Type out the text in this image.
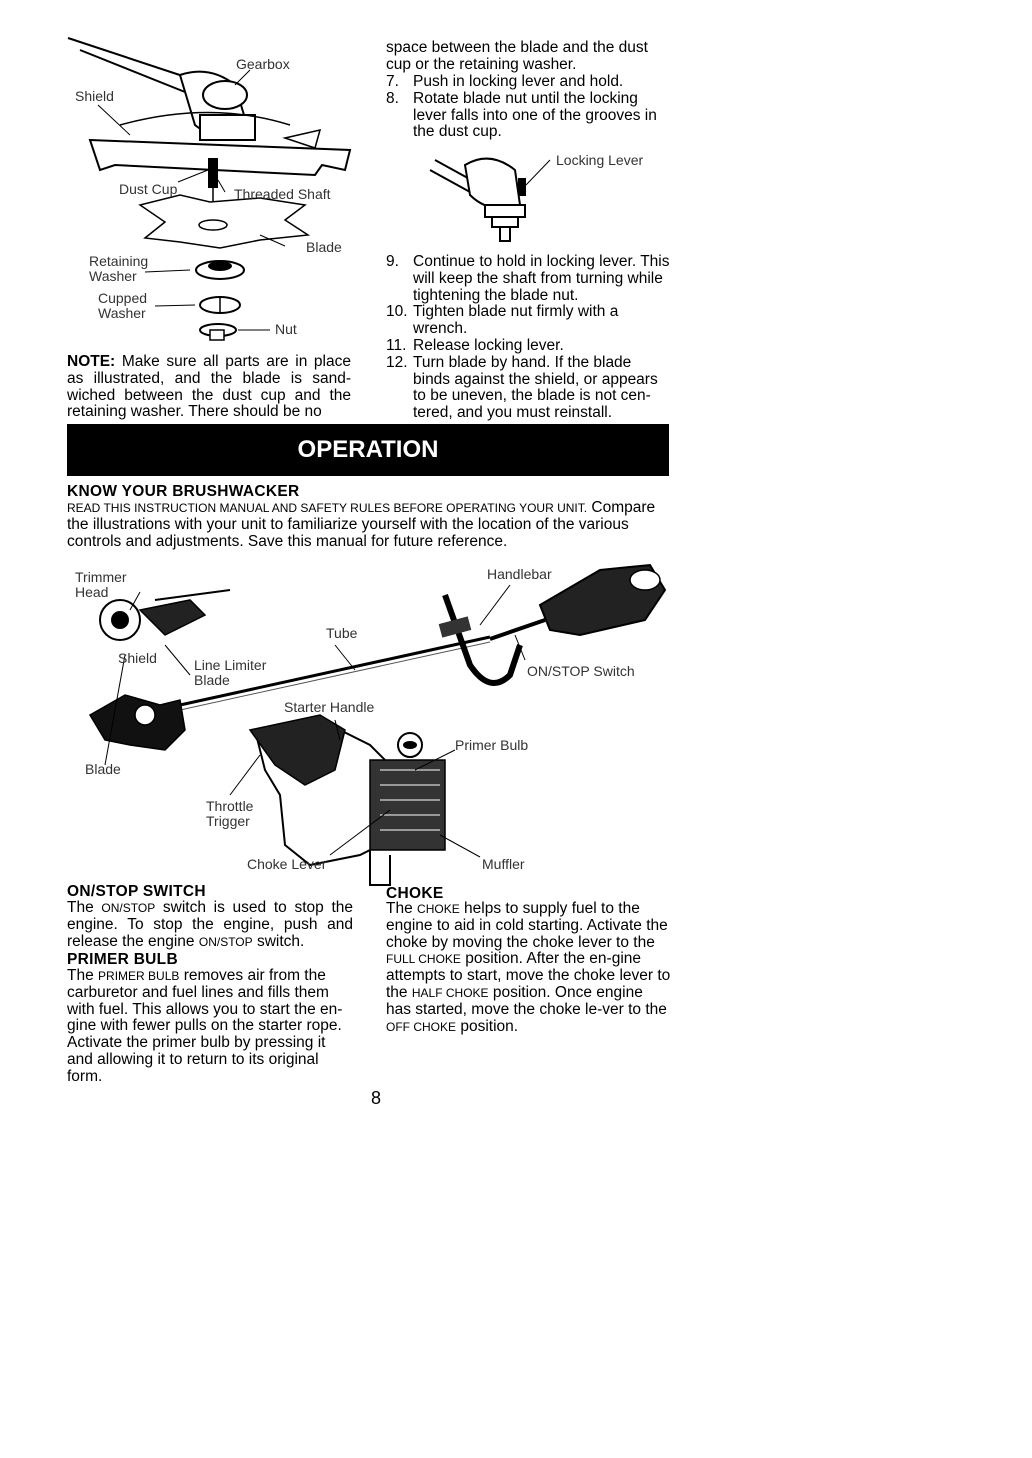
Gearbox
Shield
Dust Cup	Threaded Shaft
Blade
Retaining
Washer
Cupped
Washer
Nut
NOTE: Make sure all parts are in place as illustrated, and the blade is sand-wiched between the dust cup and the retaining washer. There should be no
space between the blade and the dust cup or the retaining washer.
7. Push in locking lever and hold.
8. Rotate blade nut until the locking lever falls into one of the grooves in the dust cup.
Locking Lever
9. Continue to hold in locking lever. This will keep the shaft from turning while tightening the blade nut.
10. Tighten blade nut firmly with a wrench.
11. Release locking lever.
12. Turn blade by hand. If the blade binds against the shield, or appears to be uneven, the blade is not cen-tered, and you must reinstall.
OPERATION
KNOW YOUR BRUSHWACKER
READ THIS INSTRUCTION MANUAL AND SAFETY RULES BEFORE OPERATING YOUR UNIT. Compare the illustrations with your unit to familiarize yourself with the location of the various controls and adjustments. Save this manual for future reference.
Trimmer
Head
Handlebar
Tube
Shield	Line Limiter
Blade
ON/STOP Switch
Starter Handle
Primer Bulb
Blade
Throttle
Trigger
Choke Lever	Muffler
ON/STOP SWITCH
The ON/STOP switch is used to stop the engine. To stop the engine, push and release the engine ON/STOP switch.
PRIMER BULB
The PRIMER BULB removes air from the carburetor and fuel lines and fills them with fuel. This allows you to start the en-gine with fewer pulls on the starter rope. Activate the primer bulb by pressing it and allowing it to return to its original form.
CHOKE
The CHOKE helps to supply fuel to the engine to aid in cold starting. Activate the choke by moving the choke lever to the FULL CHOKE position. After the en-gine attempts to start, move the choke lever to the HALF CHOKE position. Once engine has started, move the choke le-ver to the OFF CHOKE position.
8
